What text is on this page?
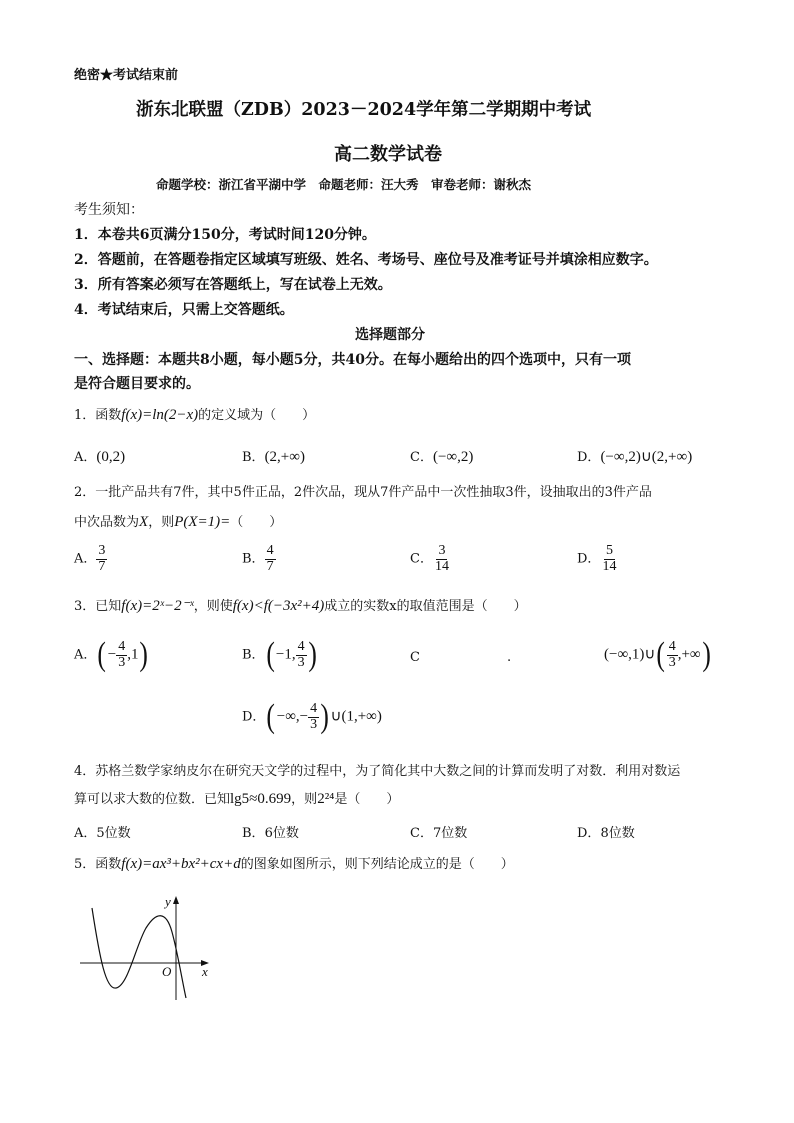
绝密★考试结束前
浙东北联盟（ZDB）2023－2024学年第二学期期中考试
高二数学试卷
命题学校：浙江省平湖中学　命题老师：汪大秀　审卷老师：谢秋杰
考生须知：
1．本卷共6页满分150分，考试时间120分钟。
2．答题前，在答题卷指定区域填写班级、姓名、考场号、座位号及准考证号并填涂相应数字。
3．所有答案必须写在答题纸上，写在试卷上无效。
4．考试结束后，只需上交答题纸。
选择题部分
一、选择题：本题共8小题，每小题5分，共40分。在每小题给出的四个选项中，只有一项
是符合题目要求的。
1．函数f(x)=ln(2−x)的定义域为（　　）
A．(0,2)	B．(2,+∞)	C．(−∞,2)	D．(−∞,2)∪(2,+∞)
2．一批产品共有7件，其中5件正品，2件次品，现从7件产品中一次性抽取3件，设抽取出的3件产品
中次品数为X，则P(X=1)=（　　）
A． $\frac{3}{7}$	B． $\frac{4}{7}$	C． $\frac{3}{14}$	D． $\frac{5}{14}$
3．已知f(x)=2ˣ−2⁻ˣ，则使f(x)<f(−3x²+4)成立的实数x的取值范围是（　　）
A．(− $\frac{4}{3} ,1$)	B．(−1, $\frac{4}{3}$ )	C	.	(−∞,1)∪( $\frac{4}{3}$ ,+∞)
D．(−∞,− $\frac{4}{3}$ )∪(1,+∞)
4．苏格兰数学家纳皮尔在研究天文学的过程中，为了简化其中大数之间的计算而发明了对数．利用对数运
算可以求大数的位数．已知lg5≈0.699，则2²⁴是（　　）
A．5位数	B．6位数	C．7位数	D．8位数
5．函数f(x)=ax³+bx²+cx+d的图象如图所示，则下列结论成立的是（　　）
x
y
O
